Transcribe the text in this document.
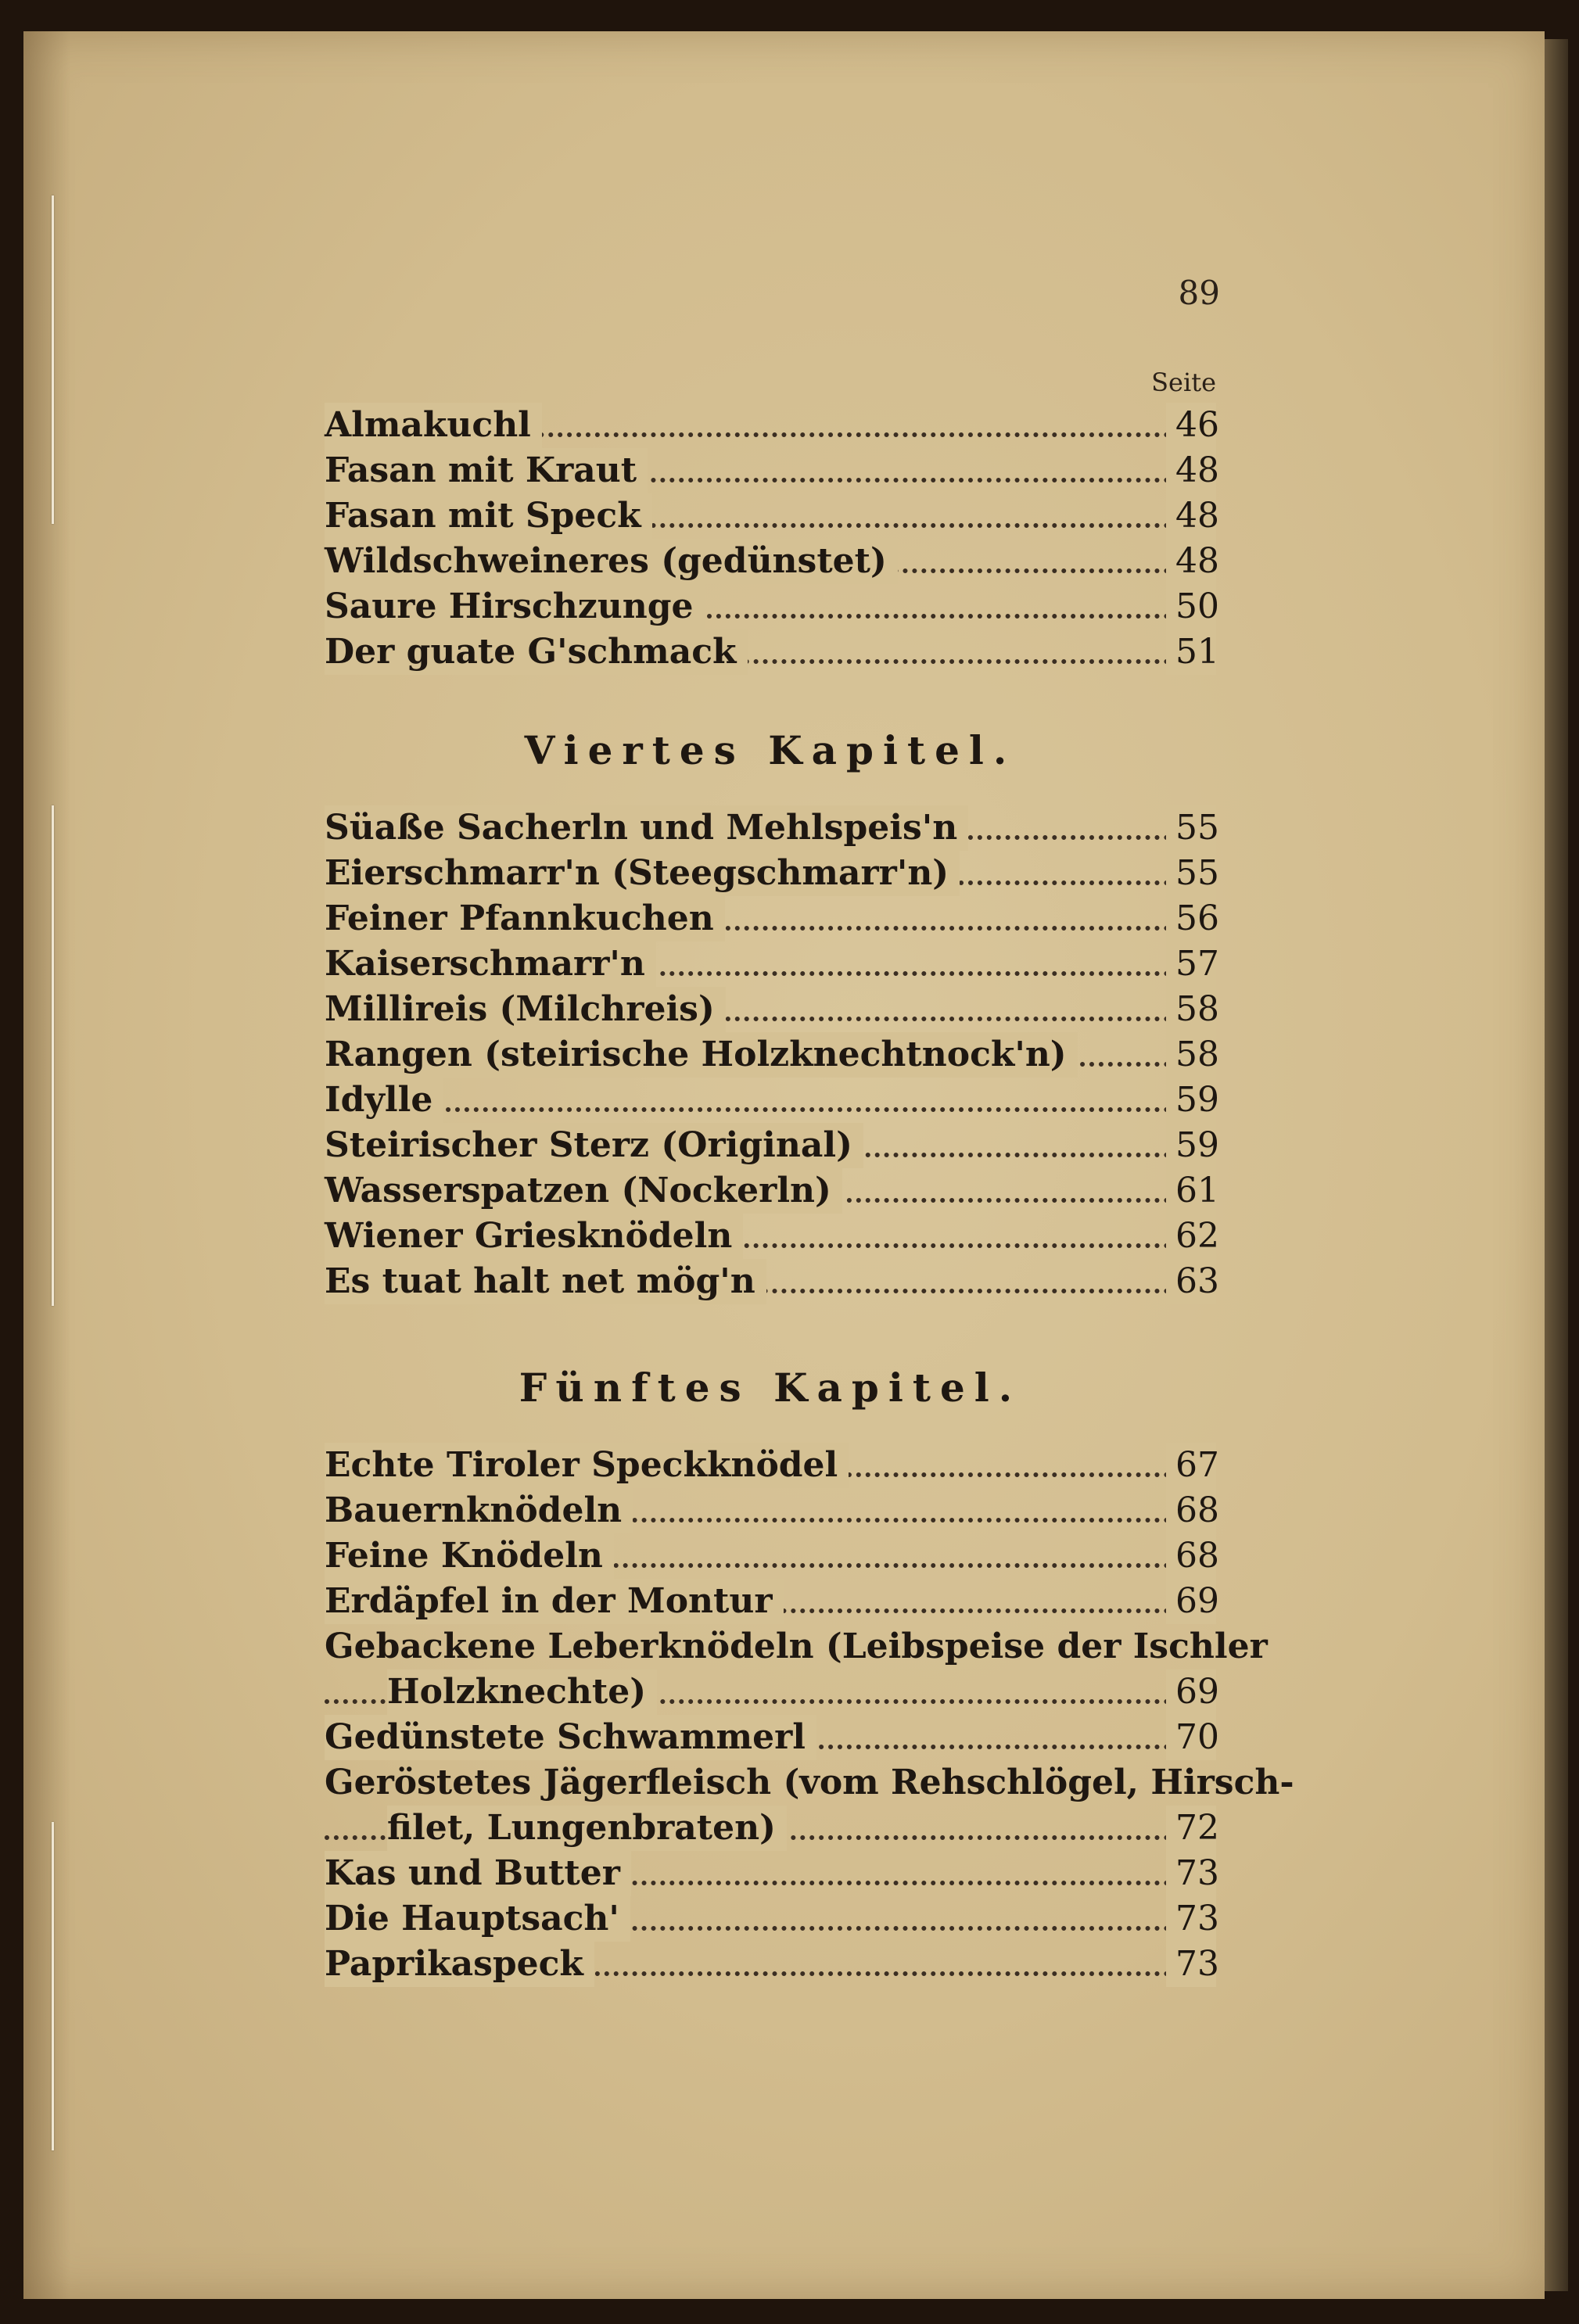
89
Seite
Almakuchl	46
Fasan mit Kraut	48
Fasan mit Speck	48
Wildschweineres (gedünstet)	48
Saure Hirschzunge	50
Der guate G'schmack	51
Viertes Kapitel.
Süaße Sacherln und Mehlspeis'n	55
Eierschmarr'n (Steegschmarr'n)	55
Feiner Pfannkuchen	56
Kaiserschmarr'n	57
Millireis (Milchreis)	58
Rangen (steirische Holzknechtnock'n)	58
Idylle	59
Steirischer Sterz (Original)	59
Wasserspatzen (Nockerln)	61
Wiener Griesknödeln	62
Es tuat halt net mög'n	63
Fünftes Kapitel.
Echte Tiroler Speckknödel	67
Bauernknödeln	68
Feine Knödeln	68
Erdäpfel in der Montur	69
Gebackene Leberknödeln (Leibspeise der Ischler
Holzknechte)	69
Gedünstete Schwammerl	70
Geröstetes Jägerfleisch (vom Rehschlögel, Hirsch-
filet, Lungenbraten)	72
Kas und Butter	73
Die Hauptsach'	73
Paprikaspeck	73
